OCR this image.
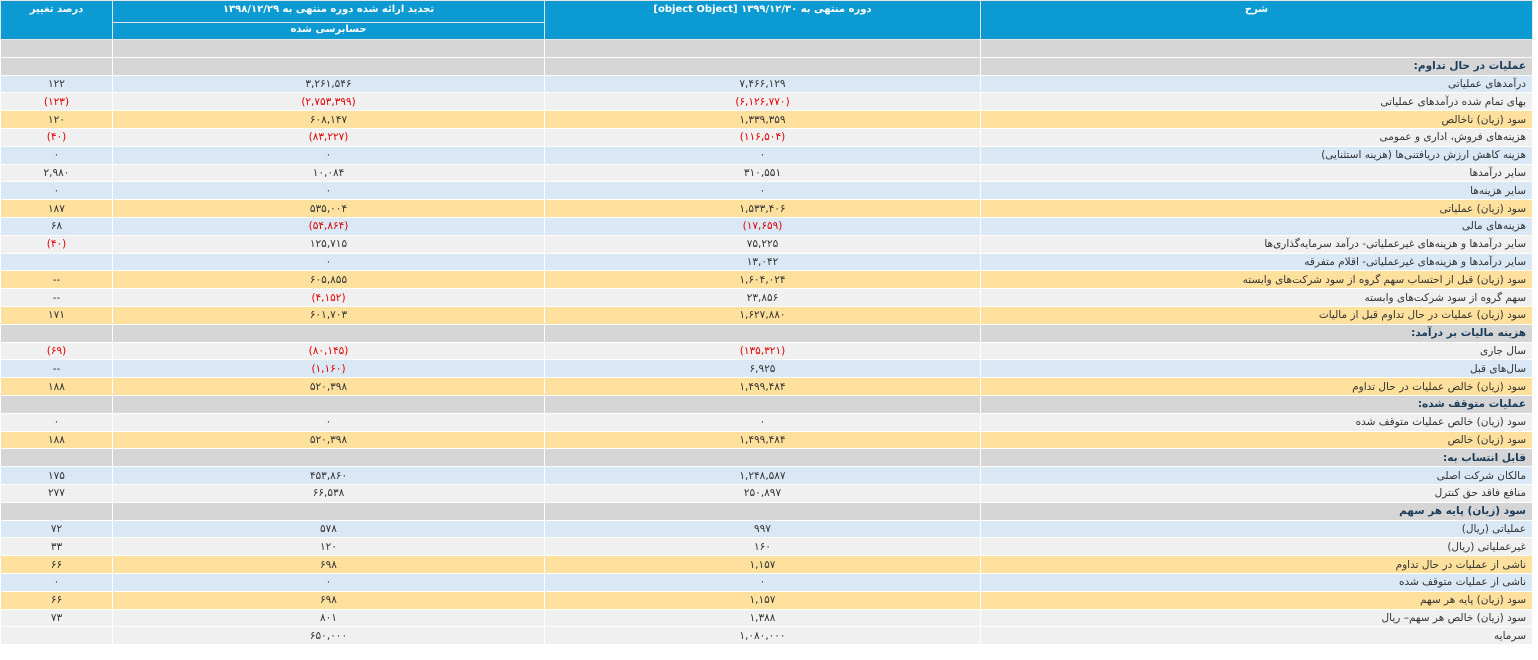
شرح	دوره منتهی به ۱۳۹۹/۱۲/۳۰ [object Object]	تجدید ارائه شده دوره منتهی به ۱۳۹۸/۱۲/۲۹	درصد تغییر
		حسابرسی شده	

عملیات در حال تداوم:			
درآمدهای عملیاتی	۷,۴۶۶,۱۲۹	۳,۲۶۱,۵۴۶	۱۲۲
بهای تمام شده درآمدهای عملیاتی	(۶,۱۲۶,۷۷۰)	(۲,۷۵۳,۳۹۹)	(۱۲۳)
سود (زیان) ناخالص	۱,۳۳۹,۳۵۹	۶۰۸,۱۴۷	۱۲۰
هزینه‌های فروش، اداری و عمومی	(۱۱۶,۵۰۴)	(۸۳,۲۲۷)	(۴۰)
هزینه کاهش ارزش دریافتنی‌ها (هزینه استثنایی)	۰	۰	۰
سایر درآمدها	۳۱۰,۵۵۱	۱۰,۰۸۴	۲,۹۸۰
سایر هزینه‌ها	۰	۰	۰
سود (زیان) عملیاتی	۱,۵۳۳,۴۰۶	۵۳۵,۰۰۴	۱۸۷
هزینه‌های مالی	(۱۷,۶۵۹)	(۵۴,۸۶۴)	۶۸
سایر درآمدها و هزینه‌های غیرعملیاتی- درآمد سرمایه‌گذاری‌ها	۷۵,۲۲۵	۱۲۵,۷۱۵	(۴۰)
سایر درآمدها و هزینه‌های غیرعملیاتی- اقلام متفرقه	۱۳,۰۴۲	۰	
سود (زیان) قبل از احتساب سهم گروه از سود شرکت‌های وابسته	۱,۶۰۴,۰۲۴	۶۰۵,۸۵۵	--
سهم گروه از سود شرکت‌های وابسته	۲۳,۸۵۶	(۴,۱۵۲)	--
سود (زیان) عملیات در حال تداوم قبل از مالیات	۱,۶۲۷,۸۸۰	۶۰۱,۷۰۳	۱۷۱
هزینه مالیات بر درآمد:			
سال جاری	(۱۳۵,۳۲۱)	(۸۰,۱۴۵)	(۶۹)
سال‌های قبل	۶,۹۲۵	(۱,۱۶۰)	--
سود (زیان) خالص عملیات در حال تداوم	۱,۴۹۹,۴۸۴	۵۲۰,۳۹۸	۱۸۸
عملیات متوقف شده:			
سود (زیان) خالص عملیات متوقف شده	۰	۰	۰
سود (زیان) خالص	۱,۴۹۹,۴۸۴	۵۲۰,۳۹۸	۱۸۸
قابل انتساب به:			
مالکان شرکت اصلی	۱,۲۴۸,۵۸۷	۴۵۳,۸۶۰	۱۷۵
منافع فاقد حق کنترل	۲۵۰,۸۹۷	۶۶,۵۳۸	۲۷۷
سود (زیان) پایه هر سهم			
عملیاتی (ریال)	۹۹۷	۵۷۸	۷۲
غیرعملیاتی (ریال)	۱۶۰	۱۲۰	۳۳
ناشی از عملیات در حال تداوم	۱,۱۵۷	۶۹۸	۶۶
ناشی از عملیات متوقف شده	۰	۰	۰
سود (زیان) پایه هر سهم	۱,۱۵۷	۶۹۸	۶۶
سود (زیان) خالص هر سهم– ریال	۱,۳۸۸	۸۰۱	۷۳
سرمایه	۱,۰۸۰,۰۰۰	۶۵۰,۰۰۰	
